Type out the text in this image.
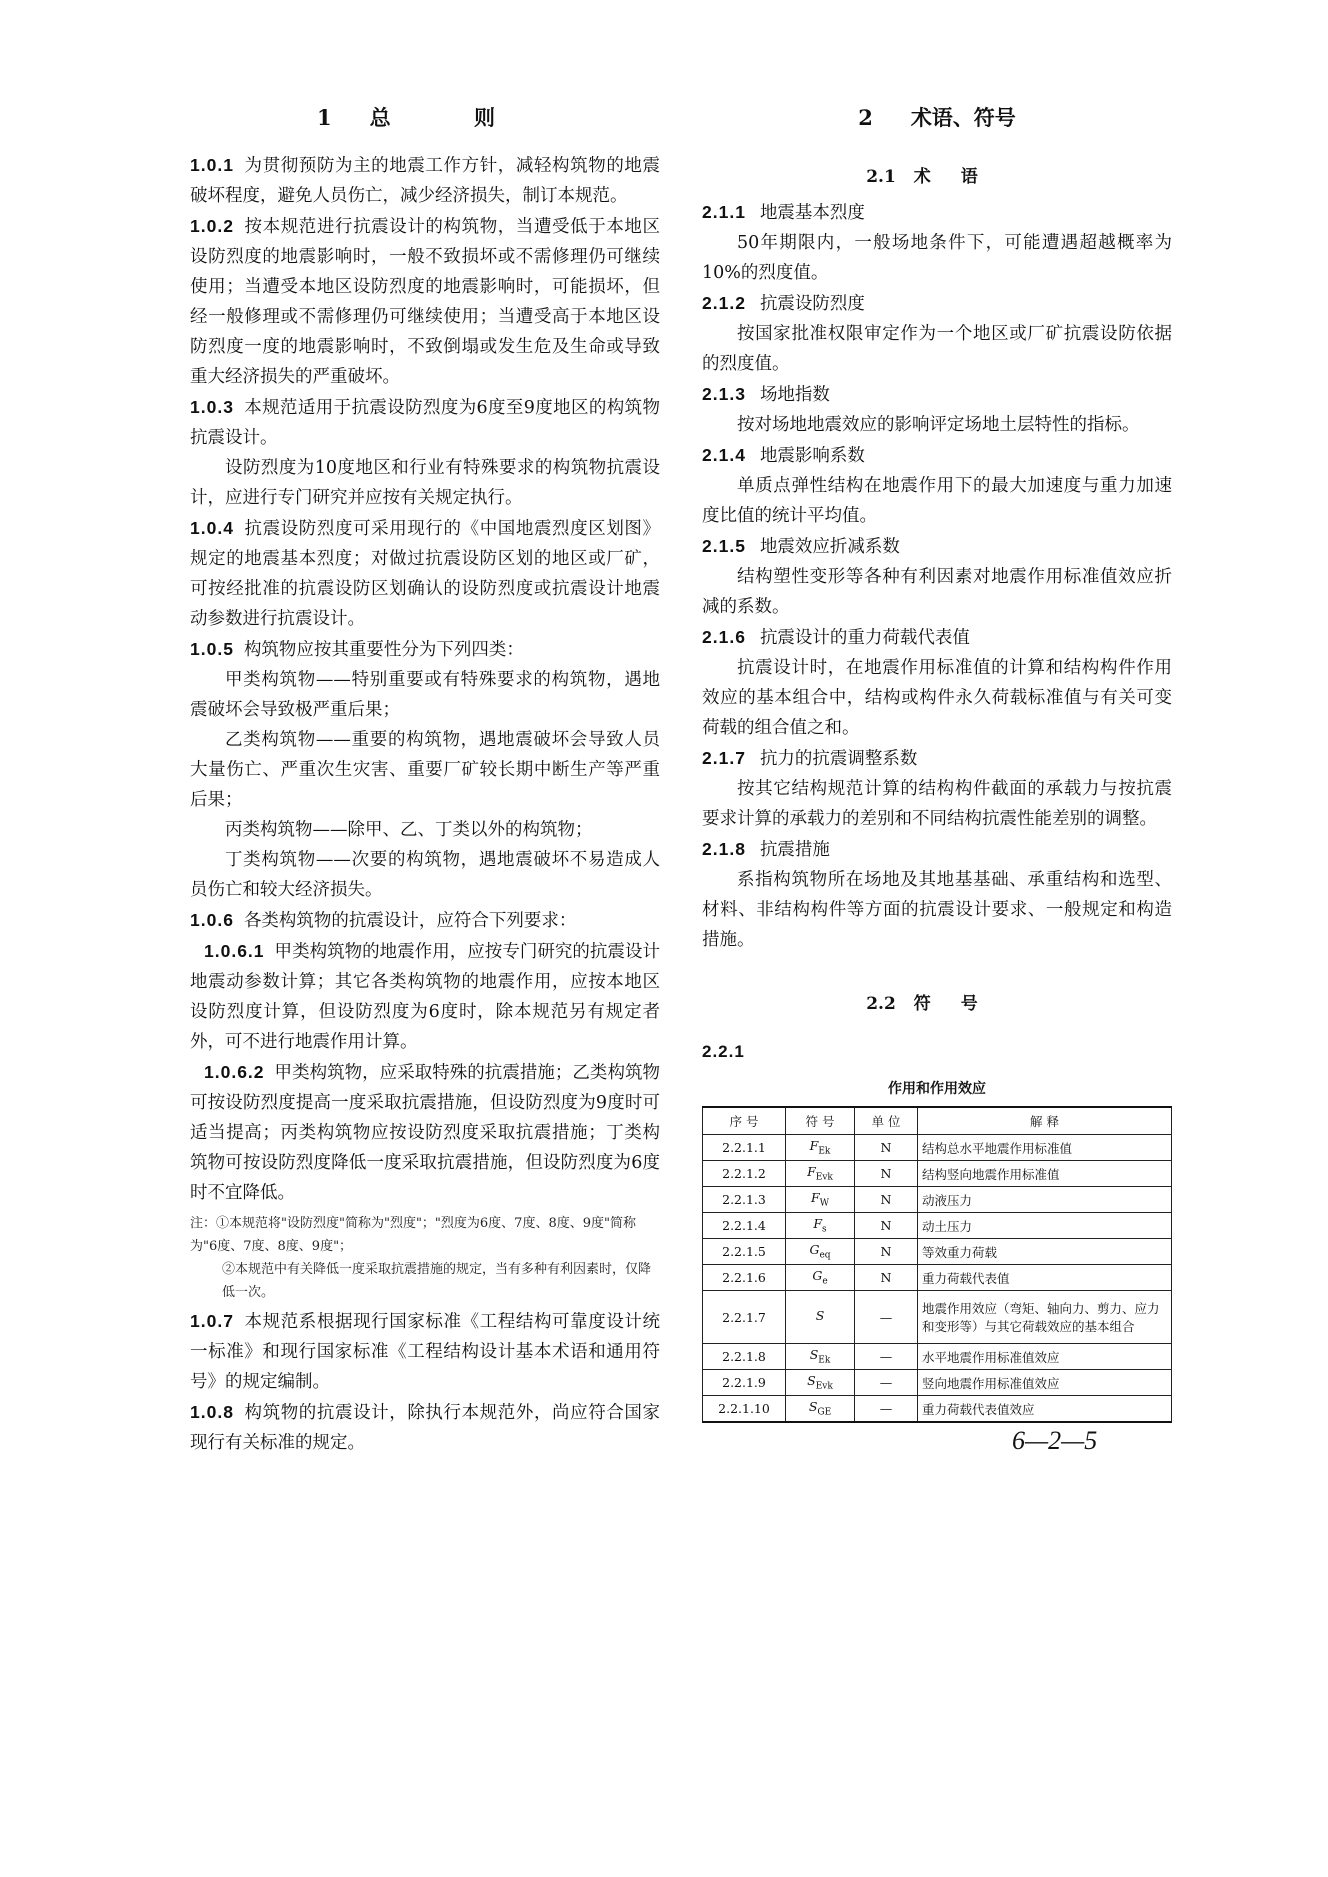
1 总 则

1.0.1 为贯彻预防为主的地震工作方针，减轻构筑物的地震破坏程度，避免人员伤亡，减少经济损失，制订本规范。

1.0.2 按本规范进行抗震设计的构筑物，当遭受低于本地区设防烈度的地震影响时，一般不致损坏或不需修理仍可继续使用；当遭受本地区设防烈度的地震影响时，可能损坏，但经一般修理或不需修理仍可继续使用；当遭受高于本地区设防烈度一度的地震影响时，不致倒塌或发生危及生命或导致重大经济损失的严重破坏。

1.0.3 本规范适用于抗震设防烈度为6度至9度地区的构筑物抗震设计。

设防烈度为10度地区和行业有特殊要求的构筑物抗震设计，应进行专门研究并应按有关规定执行。

1.0.4 抗震设防烈度可采用现行的《中国地震烈度区划图》规定的地震基本烈度；对做过抗震设防区划的地区或厂矿，可按经批准的抗震设防区划确认的设防烈度或抗震设计地震动参数进行抗震设计。

1.0.5 构筑物应按其重要性分为下列四类：

甲类构筑物——特别重要或有特殊要求的构筑物，遇地震破坏会导致极严重后果；

乙类构筑物——重要的构筑物，遇地震破坏会导致人员大量伤亡、严重次生灾害、重要厂矿较长期中断生产等严重后果；

丙类构筑物——除甲、乙、丁类以外的构筑物；

丁类构筑物——次要的构筑物，遇地震破坏不易造成人员伤亡和较大经济损失。

1.0.6 各类构筑物的抗震设计，应符合下列要求：

1.0.6.1 甲类构筑物的地震作用，应按专门研究的抗震设计地震动参数计算；其它各类构筑物的地震作用，应按本地区设防烈度计算，但设防烈度为6度时，除本规范另有规定者外，可不进行地震作用计算。

1.0.6.2 甲类构筑物，应采取特殊的抗震措施；乙类构筑物可按设防烈度提高一度采取抗震措施，但设防烈度为9度时可适当提高；丙类构筑物应按设防烈度采取抗震措施；丁类构筑物可按设防烈度降低一度采取抗震措施，但设防烈度为6度时不宜降低。

注：①本规范将"设防烈度"简称为"烈度"；"烈度为6度、7度、8度、9度"简称为"6度、7度、8度、9度"；
②本规范中有关降低一度采取抗震措施的规定，当有多种有利因素时，仅降低一次。

1.0.7 本规范系根据现行国家标准《工程结构可靠度设计统一标准》和现行国家标准《工程结构设计基本术语和通用符号》的规定编制。

1.0.8 构筑物的抗震设计，除执行本规范外，尚应符合国家现行有关标准的规定。

2 术语、符号
2.1 术语

2.1.1 地震基本烈度

50年期限内，一般场地条件下，可能遭遇超越概率为10%的烈度值。

2.1.2 抗震设防烈度

按国家批准权限审定作为一个地区或厂矿抗震设防依据的烈度值。

2.1.3 场地指数

按对场地地震效应的影响评定场地土层特性的指标。

2.1.4 地震影响系数

单质点弹性结构在地震作用下的最大加速度与重力加速度比值的统计平均值。

2.1.5 地震效应折减系数

结构塑性变形等各种有利因素对地震作用标准值效应折减的系数。

2.1.6 抗震设计的重力荷载代表值

抗震设计时，在地震作用标准值的计算和结构构件作用效应的基本组合中，结构或构件永久荷载标准值与有关可变荷载的组合值之和。

2.1.7 抗力的抗震调整系数

按其它结构规范计算的结构构件截面的承载力与按抗震要求计算的承载力的差别和不同结构抗震性能差别的调整。

2.1.8 抗震措施

系指构筑物所在场地及其地基基础、承重结构和选型、材料、非结构构件等方面的抗震设计要求、一般规定和构造措施。

2.2 符号
2.2.1
作用和作用效应
序 号	符 号	单 位	解 释
2.2.1.1	$F_{Ek}$	N	结构总水平地震作用标准值
2.2.1.2	$F_{Evk}$	N	结构竖向地震作用标准值
2.2.1.3	$F_W$	N	动液压力
2.2.1.4	$F_s$	N	动土压力
2.2.1.5	$G_{eq}$	N	等效重力荷载
2.2.1.6	$G_e$	N	重力荷载代表值
2.2.1.7	S	—	地震作用效应（弯矩、轴向力、剪力、应力和变形等）与其它荷载效应的基本组合
2.2.1.8	$S_{Ek}$	—	水平地震作用标准值效应
2.2.1.9	$S_{Evk}$	—	竖向地震作用标准值效应
2.2.1.10	$S_{GE}$	—	重力荷载代表值效应
6—2—5
